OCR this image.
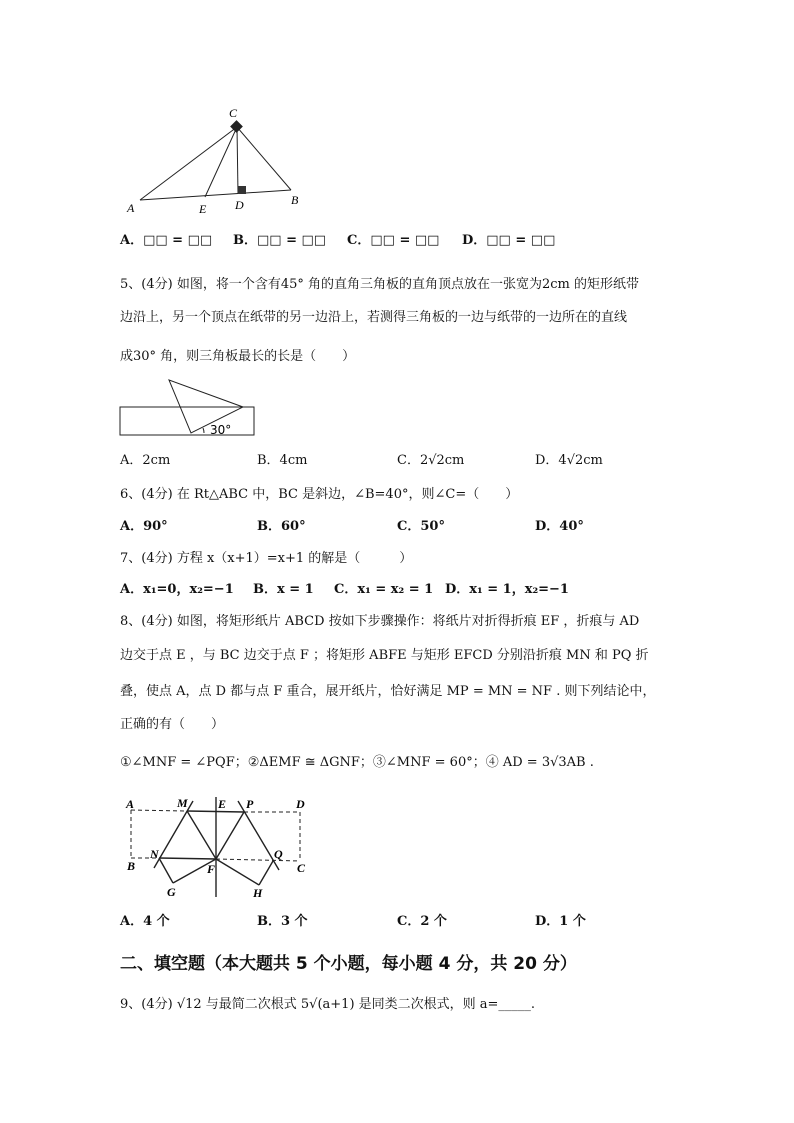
C
A	E D	B
30°
A	M	E P	D
N
B	F
Q
C
G	H
A．□□ = □□ B．□□ = □□ C．□□ = □□ D．□□ = □□
5、(4分) 如图，将一个含有45° 角的直角三角板的直角顶点放在一张宽为2cm 的矩形纸带
边沿上，另一个顶点在纸带的另一边沿上，若测得三角板的一边与纸带的一边所在的直线
成30° 角，则三角板最长的长是（　　）
A．2cm	B．4cm	C．2√2cm	D．4√2cm
6、(4分) 在 Rt△ABC 中，BC 是斜边，∠B=40°，则∠C=（　　）
A．90°	B．60°	C．50°	D．40°
7、(4分) 方程 x（x+1）=x+1 的解是（　　　）
A．x₁=0，x₂=−1 B．x = 1 C．x₁ = x₂ = 1 D．x₁ = 1，x₂=−1
8、(4分) 如图，将矩形纸片 ABCD 按如下步骤操作：将纸片对折得折痕 EF ，折痕与 AD
边交于点 E ，与 BC 边交于点 F ；将矩形 ABFE 与矩形 EFCD 分别沿折痕 MN 和 PQ 折
叠，使点 A，点 D 都与点 F 重合，展开纸片，恰好满足 MP = MN = NF . 则下列结论中，
正确的有（　　）
①∠MNF = ∠PQF；②ΔEMF ≅ ΔGNF；③∠MNF = 60°；④ AD = 3√3AB .
A．4 个	B．3 个	C．2 个	D．1 个
二、填空题（本大题共 5 个小题，每小题 4 分，共 20 分）
9、(4分) √12 与最简二次根式 5√(a+1) 是同类二次根式，则 a=_____.
